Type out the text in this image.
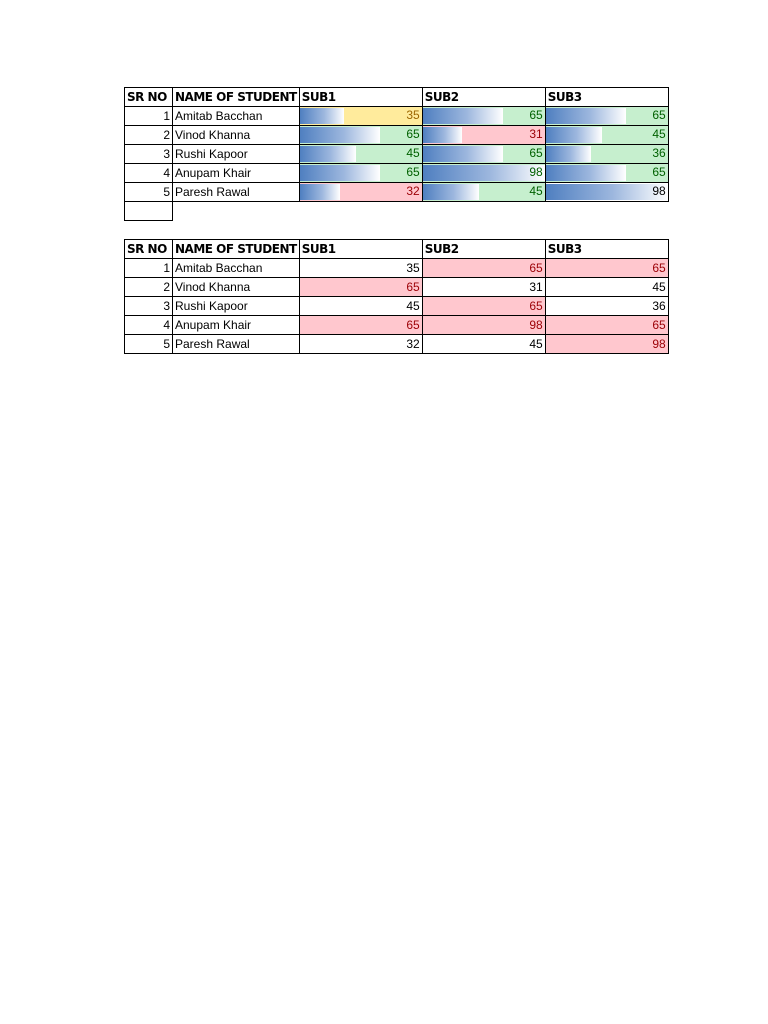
SR NO	NAME OF STUDENT	SUB1	SUB2	SUB3
1	Amitab Bacchan	35	65	65

2	Vinod Khanna	65	31	45

3	Rushi Kapoor	45	65	36

4	Anupam Khair	65	98	65

5	Paresh Rawal	32	45	98

SR NO	NAME OF STUDENT	SUB1	SUB2	SUB3
1	Amitab Bacchan	35	65	65
2	Vinod Khanna	65	31	45
3	Rushi Kapoor	45	65	36
4	Anupam Khair	65	98	65
5	Paresh Rawal	32	45	98
